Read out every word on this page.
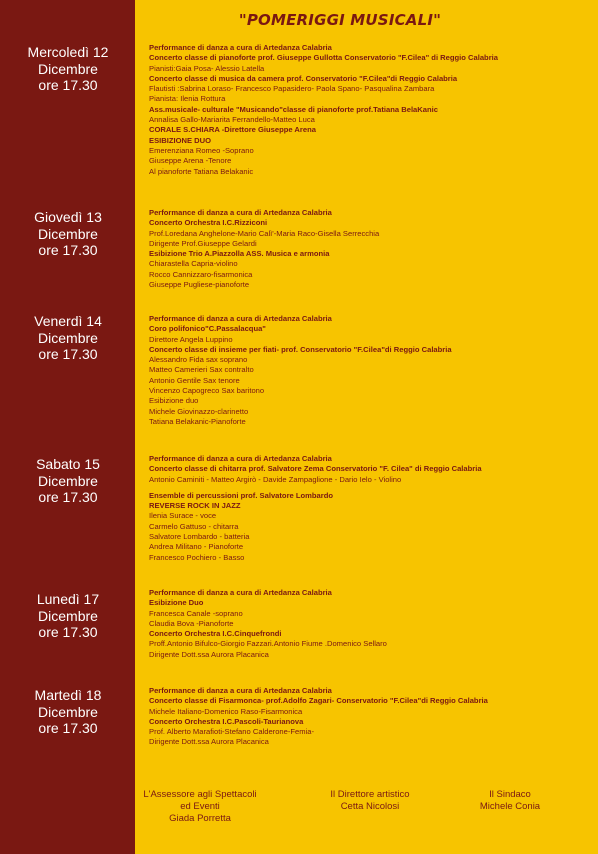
"POMERIGGI MUSICALI"
Mercoledì 12
Dicembre
ore 17.30
Giovedì 13
Dicembre
ore 17.30
Venerdì 14
Dicembre
ore 17.30
Sabato 15
Dicembre
ore 17.30
Lunedì 17
Dicembre
ore 17.30
Martedì 18
Dicembre
ore 17.30
Performance di danza a cura di Artedanza Calabria
Concerto classe di pianoforte prof. Giuseppe Gullotta Conservatorio "F.Cilea" di Reggio Calabria
Pianisti:Gaia Posa- Alessio Latella
Concerto classe di musica da camera prof. Conservatorio "F.Cilea"di Reggio Calabria
Flautisti :Sabrina Loraso- Francesco Papasidero- Paola Spano- Pasqualina Zambara
Pianista: Ilenia Rottura
Ass.musicale- culturale "Musicando"classe di pianoforte prof.Tatiana BelaKanic
Annalisa Gallo-Mariarita Ferrandello-Matteo Luca
CORALE S.CHIARA -Direttore Giuseppe Arena
ESIBIZIONE DUO
Emerenziana Romeo -Soprano
Giuseppe Arena -Tenore
Al pianoforte Tatiana Belakanic
Performance di danza a cura di Artedanza Calabria
Concerto Orchestra I.C.Rizziconi
Prof.Loredana Anghelone-Mario Calì'-Maria Raco-Gisella Serrecchia
Dirigente Prof.Giuseppe Gelardi
Esibizione Trio A.Piazzolla ASS. Musica e armonia
Chiarastella Capria-violino
Rocco Cannizzaro-fisarmonica
Giuseppe Pugliese-pianoforte
Performance di danza a cura di Artedanza Calabria
Coro polifonico"C.Passalacqua"
Direttore Angela Luppino
Concerto classe di insieme per fiati- prof. Conservatorio "F.Cilea"di Reggio Calabria
Alessandro Fida sax soprano
Matteo Camerieri Sax contralto
Antonio Gentile Sax tenore
Vincenzo Capogreco Sax baritono
Esibizione duo
Michele Giovinazzo-clarinetto
Tatiana Belakanic-Pianoforte
Performance di danza a cura di Artedanza Calabria
Concerto classe di chitarra prof. Salvatore Zema Conservatorio "F. Cilea" di Reggio Calabria
Antonio Caminiti - Matteo Argirò - Davide Zampaglione - Dario Ielo - Violino
Ensemble di percussioni prof. Salvatore Lombardo
REVERSE ROCK IN JAZZ
Ilenia Surace - voce
Carmelo Gattuso - chitarra
Salvatore Lombardo - batteria
Andrea Militano - Pianoforte
Francesco Pochiero - Basso
Performance di danza a cura di Artedanza Calabria
Esibizione Duo
Francesca Canale -soprano
Claudia Bova -Pianoforte
Concerto Orchestra I.C.Cinquefrondi
Proff.Antonio Bifulco-Giorgio Fazzari.Antonio Fiume .Domenico Sellaro
Dirigente Dott.ssa Aurora Placanica
Performance di danza a cura di Artedanza Calabria
Concerto classe di Fisarmonca- prof.Adolfo Zagari- Conservatorio "F.Cilea"di Reggio Calabria
Michele Italiano-Domenico Raso-Fisarmonica
Concerto Orchestra I.C.Pascoli-Taurianova
Prof. Alberto Marafioti-Stefano Calderone-Femia-
Dirigente Dott.ssa Aurora Placanica
L'Assessore agli Spettacoli
ed Eventi
Giada Porretta
Il Direttore artistico
Cetta Nicolosi
Il Sindaco
Michele Conia
